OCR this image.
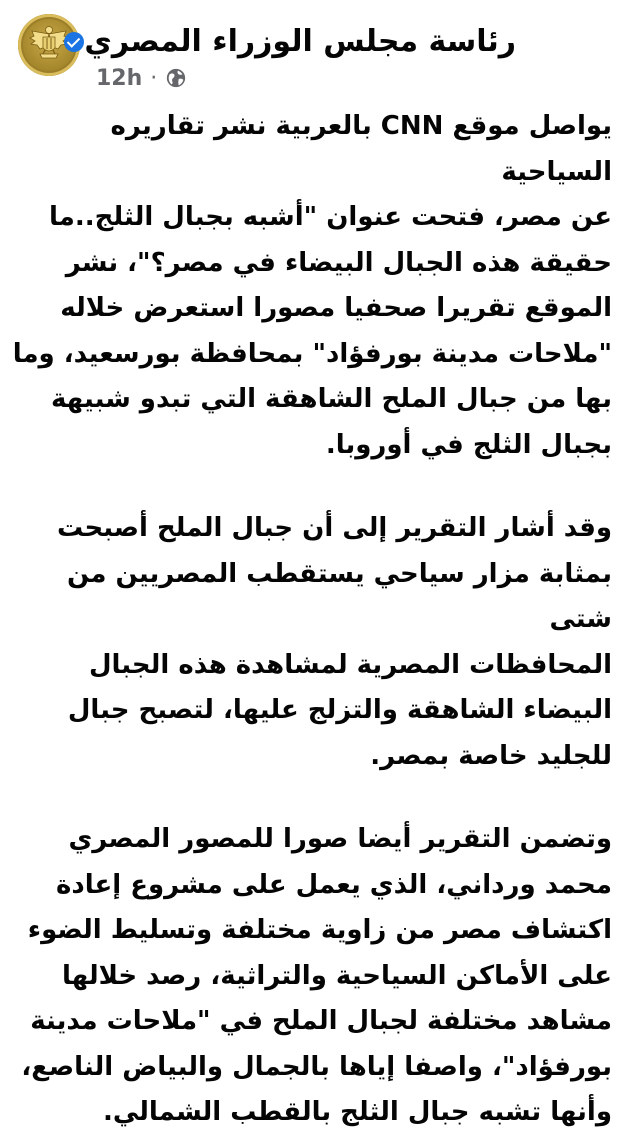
رئاسة مجلس الوزراء المصري
12h ·

يواصل موقع CNN بالعربية نشر تقاريره السياحية
عن مصر، فتحت عنوان "أشبه بجبال الثلج..ما
حقيقة هذه الجبال البيضاء في مصر؟"، نشر
الموقع تقريرا صحفيا مصورا استعرض خلاله
"ملاحات مدينة بورفؤاد" بمحافظة بورسعيد، وما
بها من جبال الملح الشاهقة التي تبدو شبيهة
بجبال الثلج في أوروبا.

وقد أشار التقرير إلى أن جبال الملح أصبحت
بمثابة مزار سياحي يستقطب المصريين من شتى
المحافظات المصرية لمشاهدة هذه الجبال
البيضاء الشاهقة والتزلج عليها، لتصبح جبال
للجليد خاصة بمصر.

وتضمن التقرير أيضا صورا للمصور المصري
محمد ورداني، الذي يعمل على مشروع إعادة
اكتشاف مصر من زاوية مختلفة وتسليط الضوء
على الأماكن السياحية والتراثية، رصد خلالها
مشاهد مختلفة لجبال الملح في "ملاحات مدينة
بورفؤاد"، واصفا إياها بالجمال والبياض الناصع،
وأنها تشبه جبال الثلج بالقطب الشمالي.
